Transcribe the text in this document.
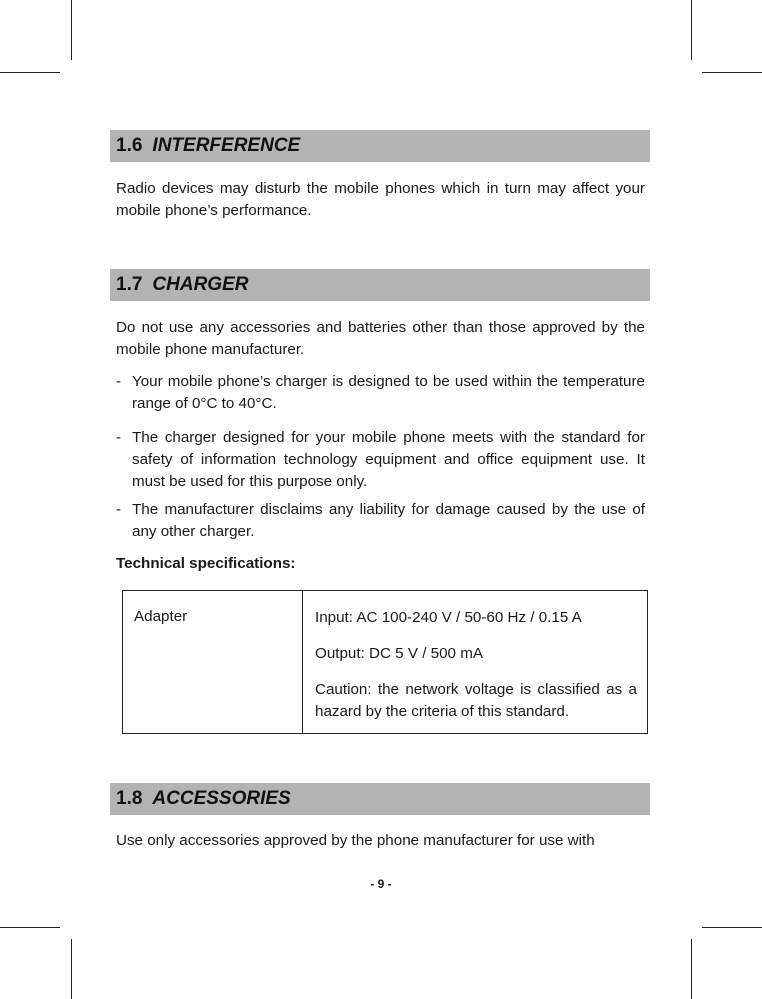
1.6 INTERFERENCE

Radio devices may disturb the mobile phones which in turn may affect your mobile phone’s performance.

1.7 CHARGER

Do not use any accessories and batteries other than those approved by the mobile phone manufacturer.

- Your mobile phone’s charger is designed to be used within the temperature range of 0°C to 40°C.
- The charger designed for your mobile phone meets with the standard for safety of information technology equipment and office equipment use. It must be used for this purpose only.
- The manufacturer disclaims any liability for damage caused by the use of any other charger.
Technical specifications:
Adapter	Input: AC 100-240 V / 50-60 Hz / 0.15 A

Output: DC 5 V / 500 mA

Caution: the network voltage is classified as a hazard by the criteria of this standard.

1.8 ACCESSORIES

Use only accessories approved by the phone manufacturer for use with

- 9 -
